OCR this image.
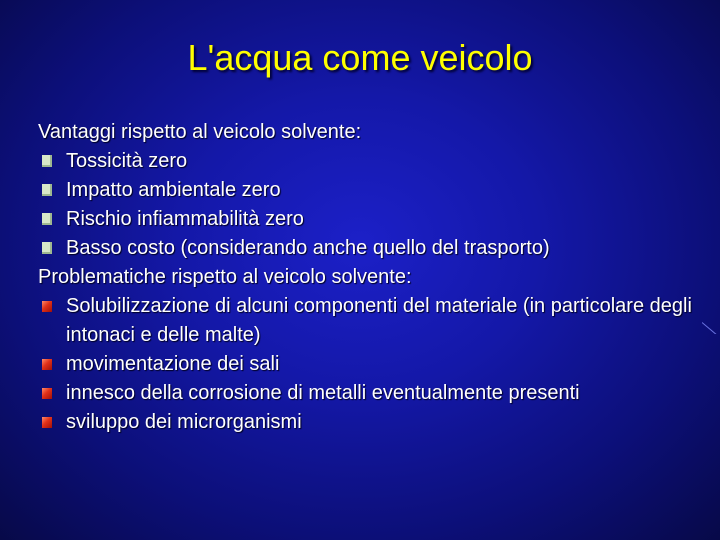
L'acqua come veicolo
Vantaggi rispetto al veicolo solvente:
Tossicità zero
Impatto ambientale zero
Rischio infiammabilità zero
Basso costo (considerando anche quello del trasporto)
Problematiche rispetto al veicolo solvente:
Solubilizzazione di alcuni componenti del materiale (in particolare degli intonaci e delle malte)
movimentazione dei sali
innesco della corrosione di metalli eventualmente presenti
sviluppo dei microrganismi
